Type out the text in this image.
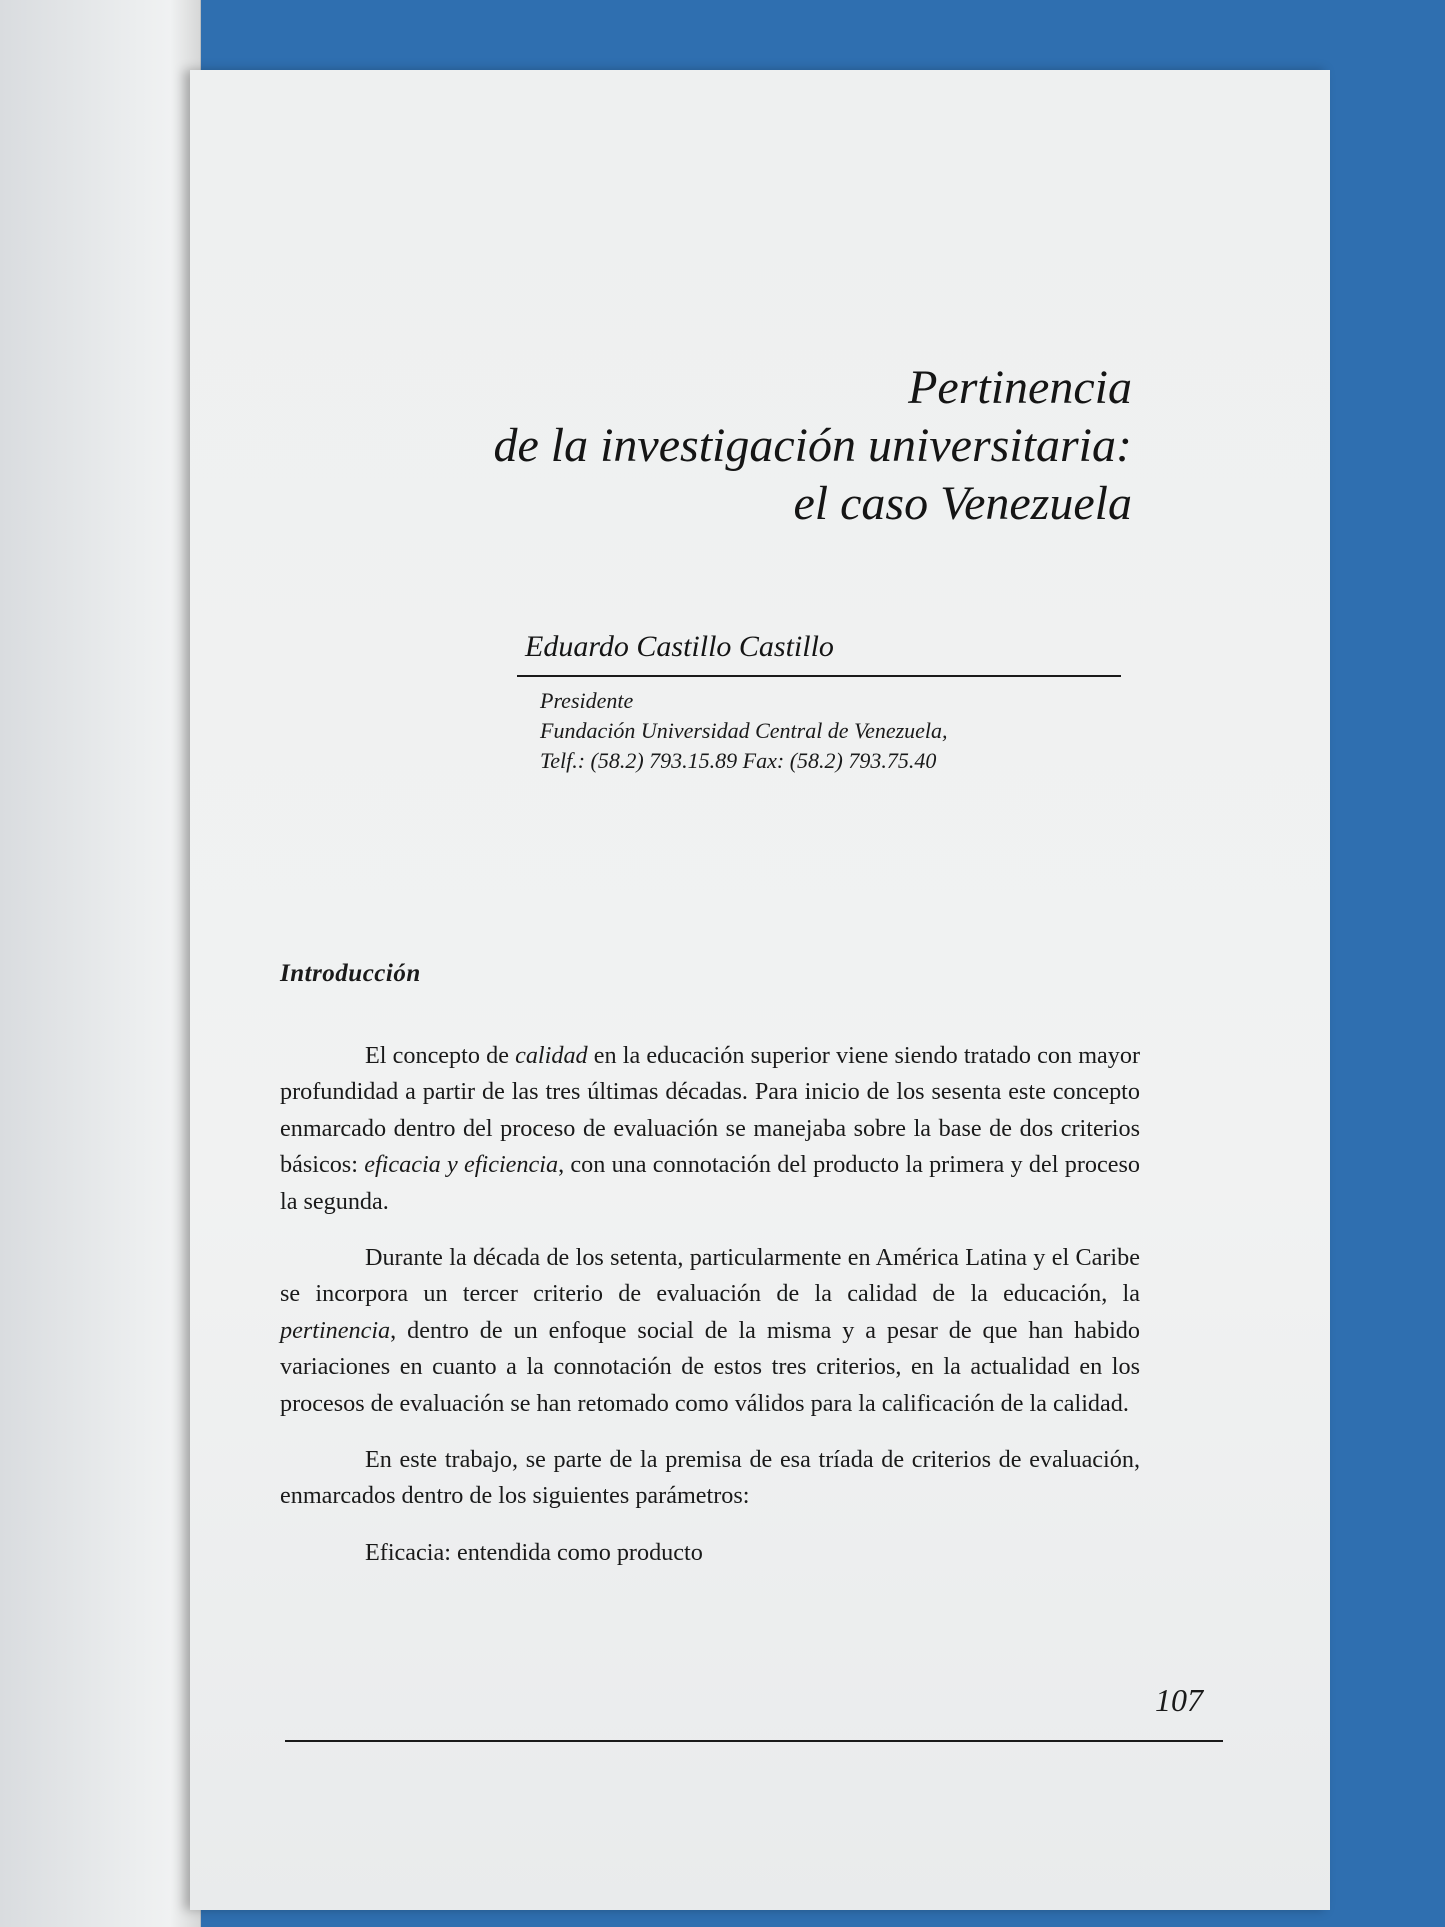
Pertinencia
de la investigación universitaria:
el caso Venezuela

Eduardo Castillo Castillo

Presidente

Fundación Universidad Central de Venezuela,

Telf.: (58.2) 793.15.89 Fax: (58.2) 793.75.40

Introducción

El concepto de calidad en la educación superior viene siendo tratado con mayor profundidad a partir de las tres últimas décadas. Para inicio de los sesenta este concepto enmarcado dentro del proceso de evaluación se manejaba sobre la base de dos criterios básicos: eficacia y eficiencia, con una connotación del producto la primera y del proceso la segunda.

Durante la década de los setenta, particularmente en América Latina y el Caribe se incorpora un tercer criterio de evaluación de la calidad de la educación, la pertinencia, dentro de un enfoque social de la misma y a pesar de que han habido variaciones en cuanto a la connotación de estos tres criterios, en la actualidad en los procesos de evaluación se han retomado como válidos para la calificación de la calidad.

En este trabajo, se parte de la premisa de esa tríada de criterios de evaluación, enmarcados dentro de los siguientes parámetros:

Eficacia: entendida como producto

107
